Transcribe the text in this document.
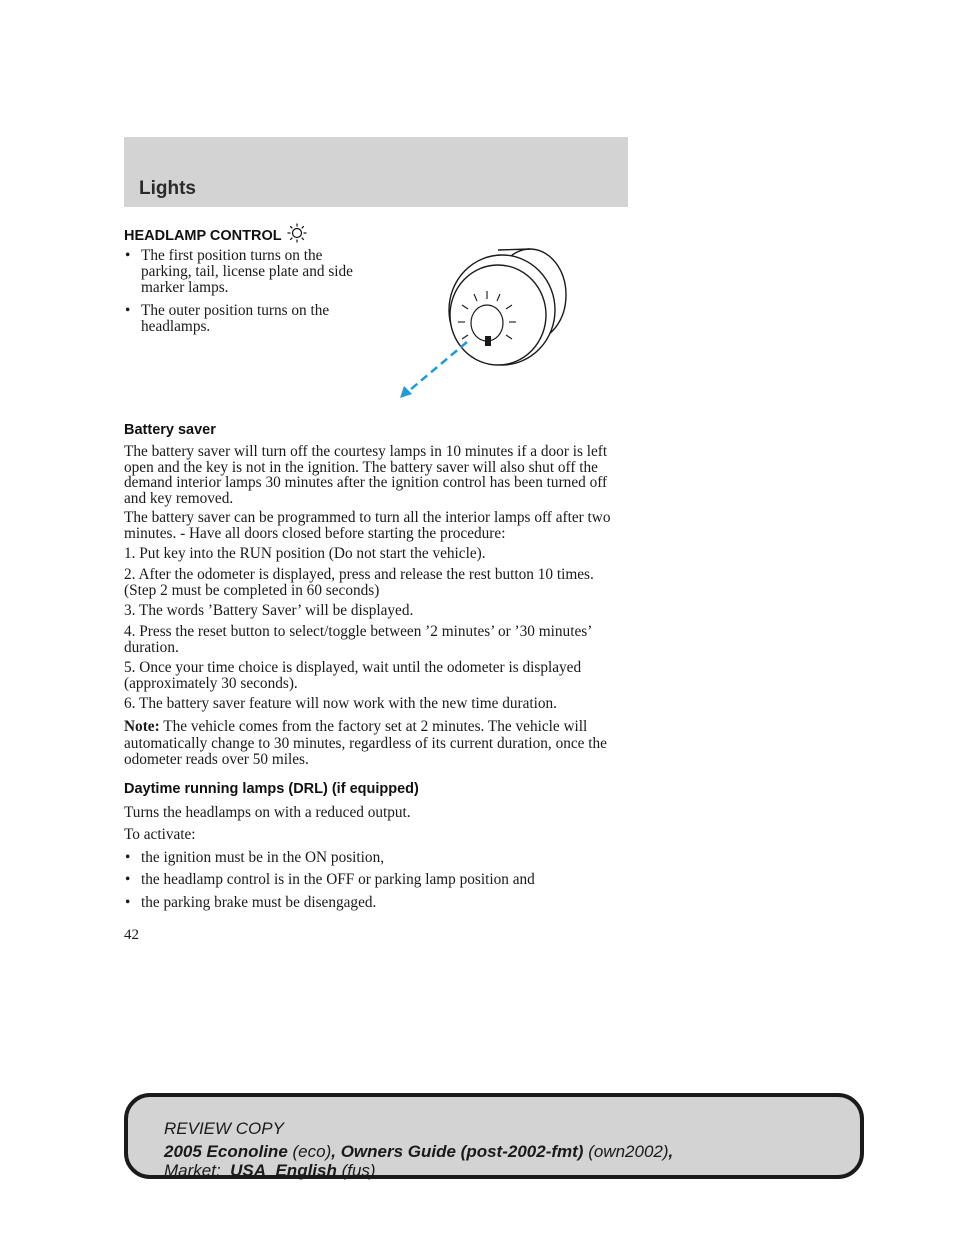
Lights
HEADLAMP CONTROL
• The first position turns on the parking, tail, license plate and side marker lamps.
• The outer position turns on the headlamps.
Battery saver
The battery saver will turn off the courtesy lamps in 10 minutes if a door is left open and the key is not in the ignition. The battery saver will also shut off the demand interior lamps 30 minutes after the ignition control has been turned off and key removed.
The battery saver can be programmed to turn all the interior lamps off after two minutes. - Have all doors closed before starting the procedure:
1. Put key into the RUN position (Do not start the vehicle).
2. After the odometer is displayed, press and release the rest button 10 times. (Step 2 must be completed in 60 seconds)
3. The words ’Battery Saver’ will be displayed.
4. Press the reset button to select/toggle between ’2 minutes’ or ’30 minutes’ duration.
5. Once your time choice is displayed, wait until the odometer is displayed (approximately 30 seconds).
6. The battery saver feature will now work with the new time duration.
Note: The vehicle comes from the factory set at 2 minutes. The vehicle will automatically change to 30 minutes, regardless of its current duration, once the odometer reads over 50 miles.
Daytime running lamps (DRL) (if equipped)
Turns the headlamps on with a reduced output.
To activate:
• the ignition must be in the ON position,
• the headlamp control is in the OFF or parking lamp position and
• the parking brake must be disengaged.
42
REVIEW COPY
2005 Econoline (eco), Owners Guide (post-2002-fmt) (own2002),
Market:  USA_English (fus)
